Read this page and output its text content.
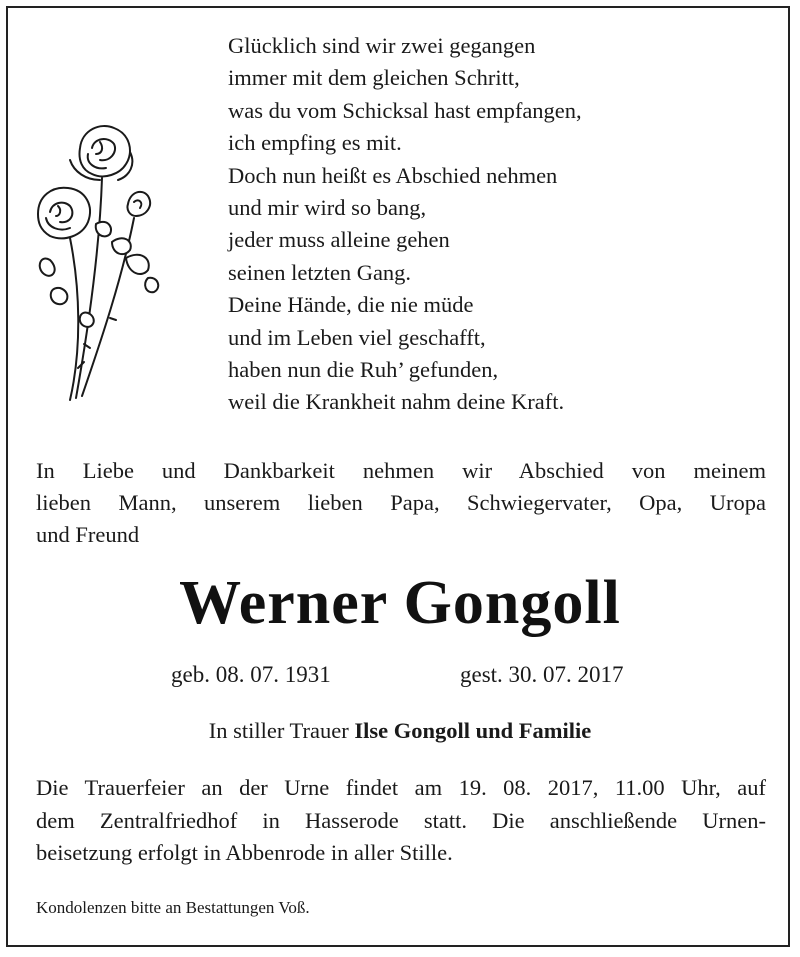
Glücklich sind wir zwei gegangen
immer mit dem gleichen Schritt,
was du vom Schicksal hast empfangen,
ich empfing es mit.
Doch nun heißt es Abschied nehmen
und mir wird so bang,
jeder muss alleine gehen
seinen letzten Gang.
Deine Hände, die nie müde
und im Leben viel geschafft,
haben nun die Ruh’ gefunden,
weil die Krankheit nahm deine Kraft.
In Liebe und Dankbarkeit nehmen wir Abschied von meinem
lieben Mann, unserem lieben Papa, Schwiegervater, Opa, Uropa
und Freund
Werner Gongoll
geb. 08. 07. 1931	gest. 30. 07. 2017
In stiller Trauer Ilse Gongoll und Familie
Die Trauerfeier an der Urne findet am 19. 08. 2017, 11.00 Uhr, auf
dem Zentralfriedhof in Hasserode statt. Die anschließende Urnen-
beisetzung erfolgt in Abbenrode in aller Stille.
Kondolenzen bitte an Bestattungen Voß.
